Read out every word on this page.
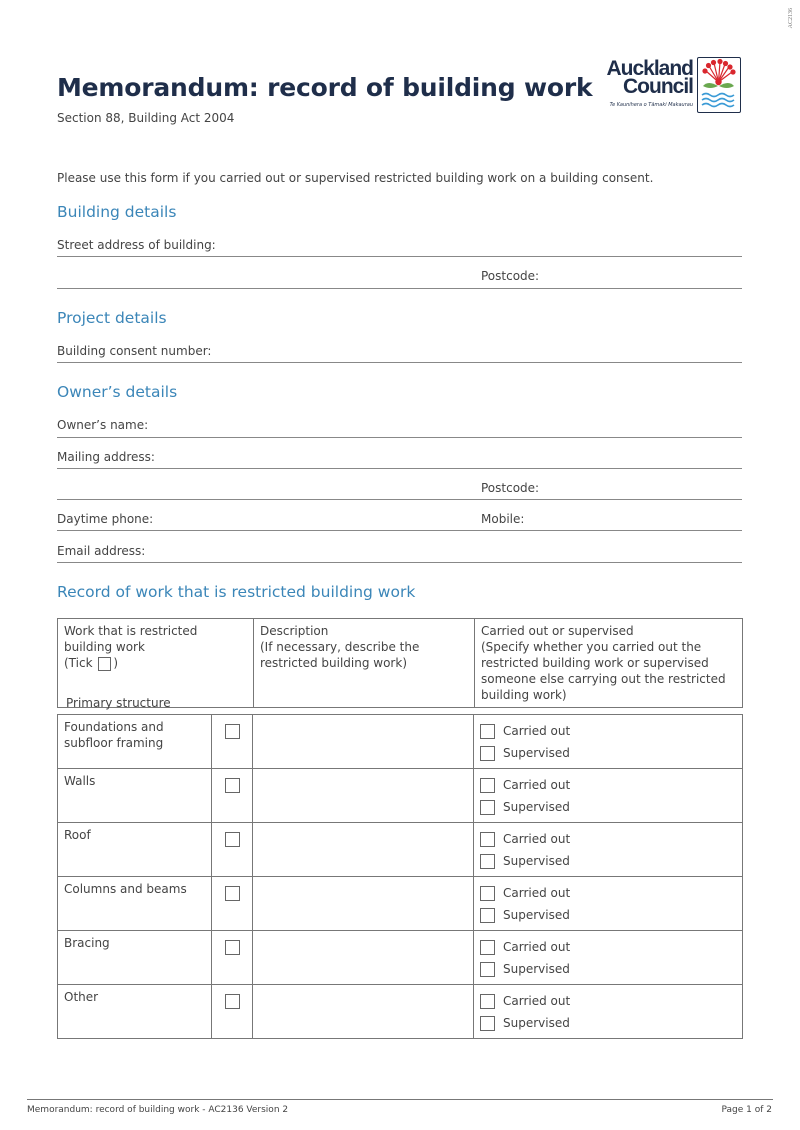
AC2136
Memorandum: record of building work
Section 88, Building Act 2004
Auckland
Council
Te Kaunihera o Tāmaki Makaurau
Please use this form if you carried out or supervised restricted building work on a building consent.
Building details
Street address of building:
Postcode:
Project details
Building consent number:
Owner’s details
Owner’s name:
Mailing address:
Postcode:
Daytime phone:	Mobile:
Email address:
Record of work that is restricted building work
Work that is restricted
building work
(Tick )

Description
(If necessary, describe the restricted building work)

Carried out or supervised
(Specify whether you carried out the restricted building work or supervised someone else carrying out the restricted building work)
Primary structure
Foundations and subfloor framing			Carried out
Supervised

Walls			Carried out
Supervised

Roof			Carried out
Supervised

Columns and beams			Carried out
Supervised

Bracing			Carried out
Supervised

Other			Carried out
Supervised
Memorandum: record of building work - AC2136 Version 2	Page 1 of 2
